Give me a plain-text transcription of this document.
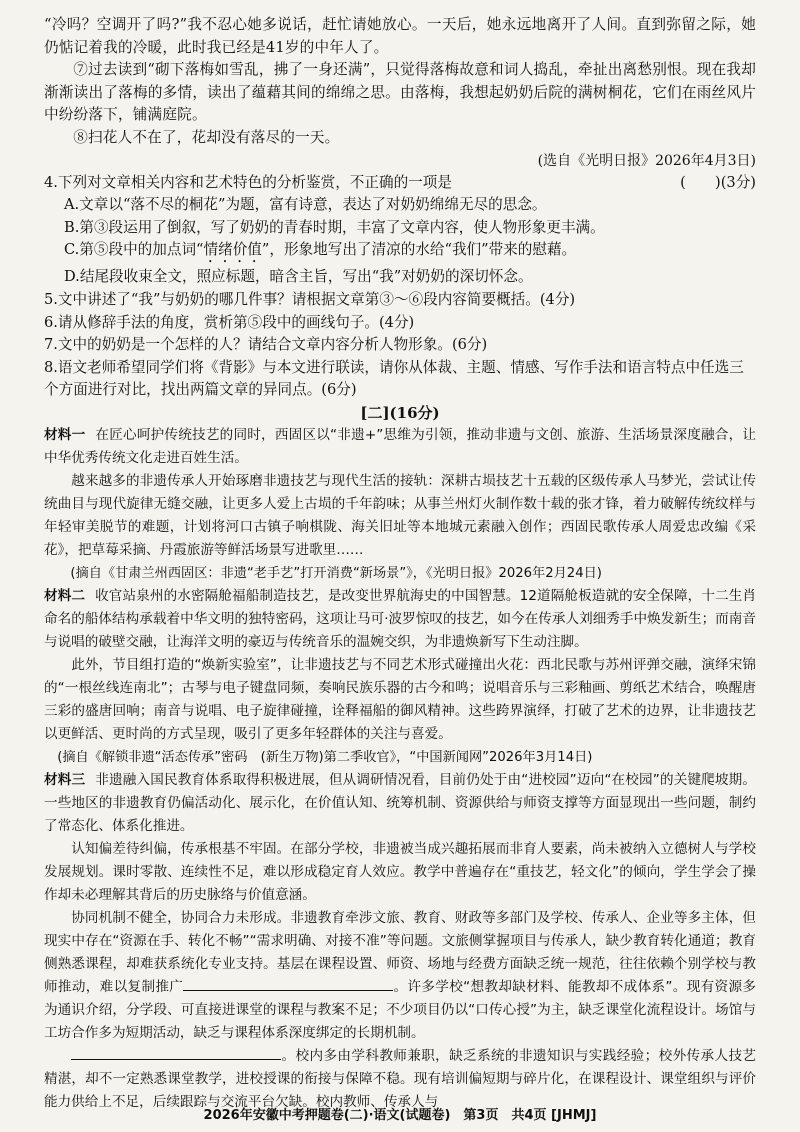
“冷吗？空调开了吗?”我不忍心她多说话，赶忙请她放心。一天后，她永远地离开了人间。直到弥留之际，她仍惦记着我的冷暖，此时我已经是41岁的中年人了。

⑦过去读到“砌下落梅如雪乱，拂了一身还满”，只觉得落梅故意和词人捣乱，牵扯出离愁别恨。现在我却渐渐读出了落梅的多情，读出了蕴藉其间的绵绵之思。由落梅，我想起奶奶后院的满树桐花，它们在雨丝风片中纷纷落下，铺满庭院。

⑧扫花人不在了，花却没有落尽的一天。

(选自《光明日报》2026年4月3日)

4.下列对文章相关内容和艺术特色的分析鉴赏，不正确的一项是	(　　)(3分)

A.文章以“落不尽的桐花”为题，富有诗意，表达了对奶奶绵绵无尽的思念。

B.第③段运用了倒叙，写了奶奶的青春时期，丰富了文章内容，使人物形象更丰满。

C.第⑤段中的加点词“情绪价值”，形象地写出了清凉的水给“我们”带来的慰藉。

D.结尾段收束全文，照应标题，暗含主旨，写出“我”对奶奶的深切怀念。

5.文中讲述了“我”与奶奶的哪几件事？请根据文章第③～⑥段内容简要概括。(4分)

6.请从修辞手法的角度，赏析第⑤段中的画线句子。(4分)

7.文中的奶奶是一个怎样的人？请结合文章内容分析人物形象。(6分)

8.语文老师希望同学们将《背影》与本文进行联读，请你从体裁、主题、情感、写作手法和语言特点中任选三个方面进行对比，找出两篇文章的异同点。(6分)

[二](16分)

材料一 在匠心呵护传统技艺的同时，西固区以“非遗+”思维为引领，推动非遗与文创、旅游、生活场景深度融合，让中华优秀传统文化走进百姓生活。

越来越多的非遗传承人开始琢磨非遗技艺与现代生活的接轨：深耕古埙技艺十五载的区级传承人马梦光，尝试让传统曲目与现代旋律无缝交融，让更多人爱上古埙的千年韵味；从事兰州灯火制作数十载的张才锋，着力破解传统纹样与年轻审美脱节的难题，计划将河口古镇子响棋陇、海关旧址等本地城元素融入创作；西固民歌传承人周爱忠改编《采花》，把草莓采摘、丹霞旅游等鲜活场景写进歌里……

(摘自《甘肃兰州西固区：非遗“老手艺”打开消费“新场景”》，《光明日报》2026年2月24日)

材料二 收官站泉州的水密隔舱福船制造技艺，是改变世界航海史的中国智慧。12道隔舱板造就的安全保障，十二生肖命名的船体结构承载着中华文明的独特密码，这项让马可·波罗惊叹的技艺，如今在传承人刘细秀手中焕发新生；而南音与说唱的破壁交融，让海洋文明的豪迈与传统音乐的温婉交织，为非遗焕新写下生动注脚。

此外，节目组打造的“焕新实验室”，让非遗技艺与不同艺术形式碰撞出火花：西北民歌与苏州评弹交融，演绎宋锦的“一根丝线连南北”；古琴与电子键盘同频，奏响民族乐器的古今和鸣；说唱音乐与三彩釉画、剪纸艺术结合，唤醒唐三彩的盛唐回响；南音与说唱、电子旋律碰撞，诠释福船的御风精神。这些跨界演绎，打破了艺术的边界，让非遗技艺以更鲜活、更时尚的方式呈现，吸引了更多年轻群体的关注与喜爱。

(摘自《解锁非遗“活态传承”密码　(新生万物)第二季收官》，“中国新闻网”2026年3月14日)

材料三 非遗融入国民教育体系取得积极进展，但从调研情况看，目前仍处于由“进校园”迈向“在校园”的关键爬坡期。一些地区的非遗教育仍偏活动化、展示化，在价值认知、统筹机制、资源供给与师资支撑等方面显现出一些问题，制约了常态化、体系化推进。

认知偏差待纠偏，传承根基不牢固。在部分学校，非遗被当成兴趣拓展而非育人要素，尚未被纳入立德树人与学校发展规划。课时零散、连续性不足，难以形成稳定育人效应。教学中普遍存在“重技艺，轻文化”的倾向，学生学会了操作却未必理解其背后的历史脉络与价值意涵。

协同机制不健全，协同合力未形成。非遗教育牵涉文旅、教育、财政等多部门及学校、传承人、企业等多主体，但现实中存在“资源在手、转化不畅”“需求明确、对接不准”等问题。文旅侧掌握项目与传承人，缺少教育转化通道；教育侧熟悉课程，却难获系统化专业支持。基层在课程设置、师资、场地与经费方面缺乏统一规范，往往依赖个别学校与教师推动，难以复制推广	。许多学校“想教却缺材料、能教却不成体系”。现有资源多为通识介绍，分学段、可直接进课堂的课程与教案不足；不少项目仍以“口传心授”为主，缺乏课堂化流程设计。场馆与工坊合作多为短期活动，缺乏与课程体系深度绑定的长期机制。

。校内多由学科教师兼职，缺乏系统的非遗知识与实践经验；校外传承人技艺精湛，却不一定熟悉课堂教学，进校授课的衔接与保障不稳。现有培训偏短期与碎片化，在课程设计、课堂组织与评价能力供给上不足，后续跟踪与交流平台欠缺。校内教师、传承人与

2026年安徽中考押题卷(二)·语文(试题卷)　第3页　共4页 [JHMJ]
